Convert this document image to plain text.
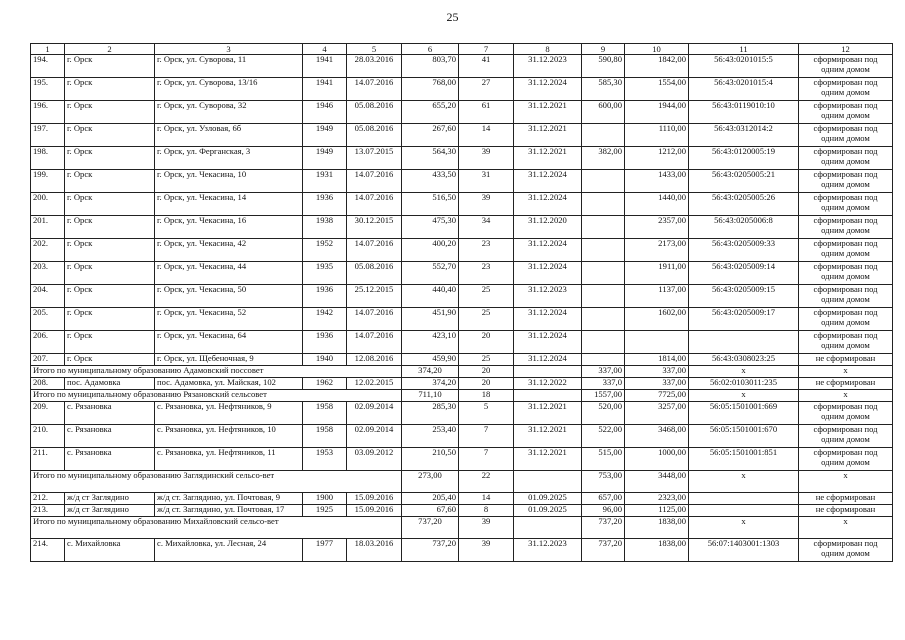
25
1	2	3	4	5	6	7	8	9	10	11	12
194.	г. Орск	г. Орск, ул. Суворова, 11	1941	28.03.2016	803,70	41	31.12.2023	590,80	1842,00	56:43:0201015:5	сформирован под одним домом
195.	г. Орск	г. Орск, ул. Суворова, 13/16	1941	14.07.2016	768,00	27	31.12.2024	585,30	1554,00	56:43:0201015:4	сформирован под одним домом
196.	г. Орск	г. Орск, ул. Суворова, 32	1946	05.08.2016	655,20	61	31.12.2021	600,00	1944,00	56:43:0119010:10	сформирован под одним домом
197.	г. Орск	г. Орск, ул. Узловая, 6б	1949	05.08.2016	267,60	14	31.12.2021		1110,00	56:43:0312014:2	сформирован под одним домом
198.	г. Орск	г. Орск, ул. Ферганская, 3	1949	13.07.2015	564,30	39	31.12.2021	382,00	1212,00	56:43:0120005:19	сформирован под одним домом
199.	г. Орск	г. Орск, ул. Чекасина, 10	1931	14.07.2016	433,50	31	31.12.2024		1433,00	56:43:0205005:21	сформирован под одним домом
200.	г. Орск	г. Орск, ул. Чекасина, 14	1936	14.07.2016	516,50	39	31.12.2024		1440,00	56:43:0205005:26	сформирован под одним домом
201.	г. Орск	г. Орск, ул. Чекасина, 16	1938	30.12.2015	475,30	34	31.12.2020		2357,00	56:43:0205006:8	сформирован под одним домом
202.	г. Орск	г. Орск, ул. Чекасина, 42	1952	14.07.2016	400,20	23	31.12.2024		2173,00	56:43:0205009:33	сформирован под одним домом
203.	г. Орск	г. Орск, ул. Чекасина, 44	1935	05.08.2016	552,70	23	31.12.2024		1911,00	56:43:0205009:14	сформирован под одним домом
204.	г. Орск	г. Орск, ул. Чекасина, 50	1936	25.12.2015	440,40	25	31.12.2023		1137,00	56:43:0205009:15	сформирован под одним домом
205.	г. Орск	г. Орск, ул. Чекасина, 52	1942	14.07.2016	451,90	25	31.12.2024		1602,00	56:43:0205009:17	сформирован под одним домом
206.	г. Орск	г. Орск, ул. Чекасина, 64	1936	14.07.2016	423,10	20	31.12.2024				сформирован под одним домом
207.	г. Орск	г. Орск, ул. Щебеночная, 9	1940	12.08.2016	459,90	25	31.12.2024		1814,00	56:43:0308023:25	не сформирован
Итого по муниципальному образованию Адамовский поссовет					374,20	20		337,00	337,00	х	х
208.	пос. Адамовка	пос. Адамовка, ул. Майская, 102	1962	12.02.2015	374,20	20	31.12.2022	337,0	337,00	56:02:0103011:235	не сформирован
Итого по муниципальному образованию Рязановский сельсовет					711,10	18		1557,00	7725,00	х	х
209.	с. Рязановка	с. Рязановка, ул. Нефтяников, 9	1958	02.09.2014	285,30	5	31.12.2021	520,00	3257,00	56:05:1501001:669	сформирован под одним домом
210.	с. Рязановка	с. Рязановка, ул. Нефтяников, 10	1958	02.09.2014	253,40	7	31.12.2021	522,00	3468,00	56:05:1501001:670	сформирован под одним домом
211.	с. Рязановка	с. Рязановка, ул. Нефтяников, 11	1953	03.09.2012	210,50	7	31.12.2021	515,00	1000,00	56:05:1501001:851	сформирован под одним домом
Итого по муниципальному образованию Заглядинский сельсо-вет					273,00	22		753,00	3448,00	х	х
212.	ж/д ст Заглядино	ж/д ст. Заглядино, ул. Почтовая, 9	1900	15.09.2016	205,40	14	01.09.2025	657,00	2323,00		не сформирован
213.	ж/д ст Заглядино	ж/д ст. Заглядино, ул. Почтовая, 17	1925	15.09.2016	67,60	8	01.09.2025	96,00	1125,00		не сформирован
Итого по муниципальному образованию Михайловский сельсо-вет					737,20	39		737,20	1838,00	х	х
214.	с. Михайловка	с. Михайловка, ул. Лесная, 24	1977	18.03.2016	737,20	39	31.12.2023	737,20	1838,00	56:07:1403001:1303	сформирован под одним домом
